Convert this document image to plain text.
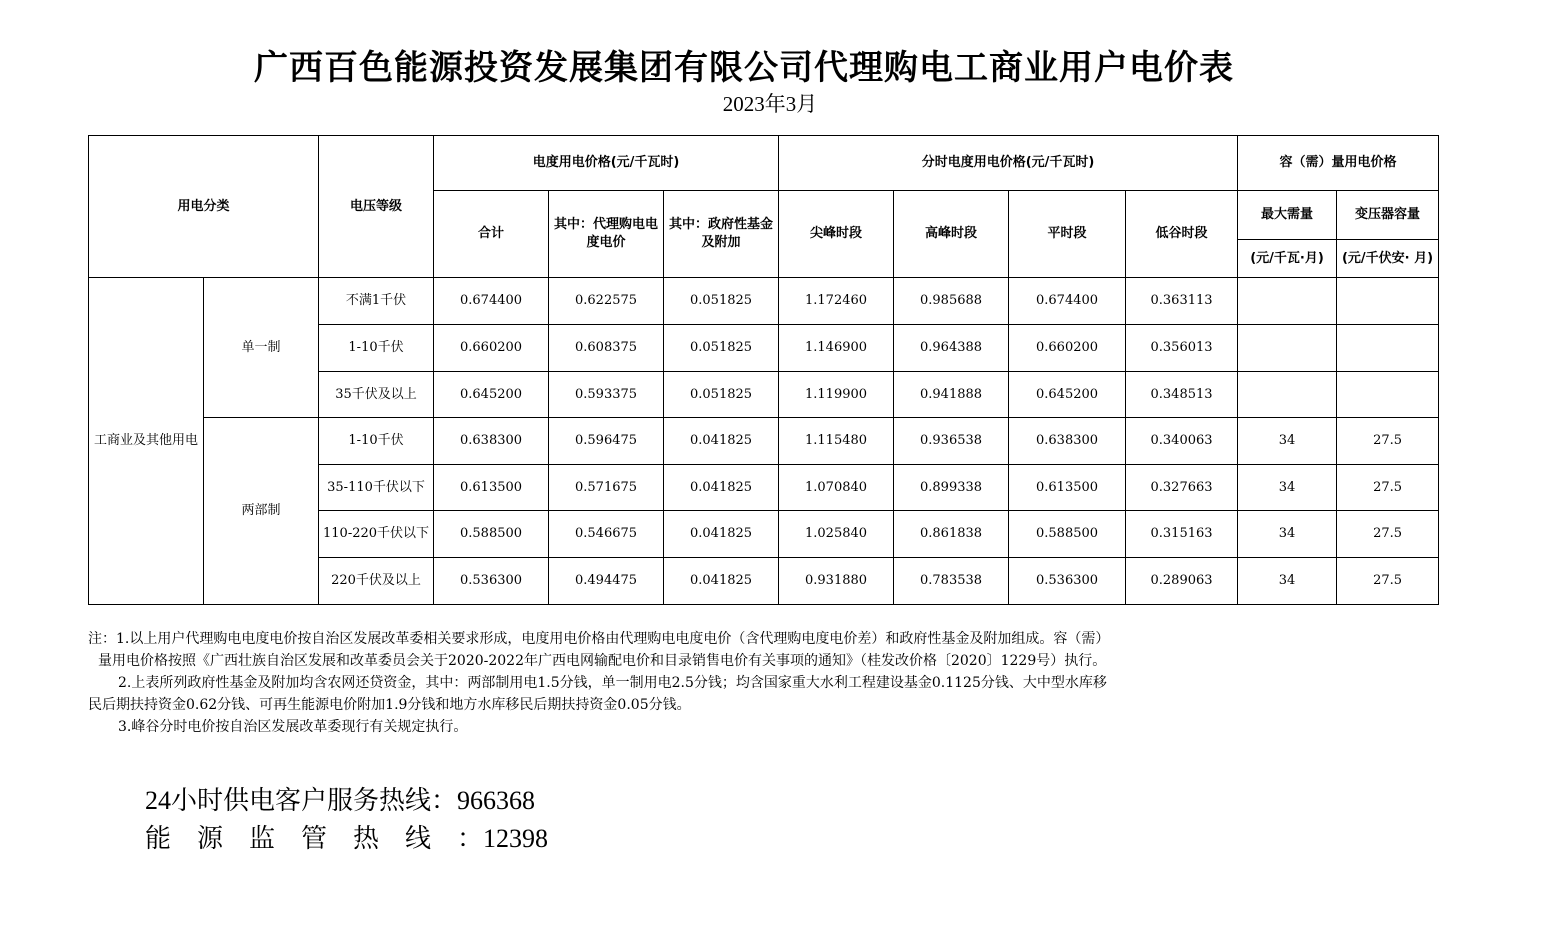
广西百色能源投资发展集团有限公司代理购电工商业用户电价表
2023年3月
用电分类		电压等级	电度用电价格(元/千瓦时)			分时电度用电价格(元/千瓦时)				容（需）量用电价格	
			合计	其中：代理购电电度电价	其中：政府性基金及附加	尖峰时段	高峰时段	平时段	低谷时段	最大需量	变压器容量
										(元/千瓦·月)	(元/千伏安· 月)
工商业及其他用电	单一制	不满1千伏	0.674400	0.622575	0.051825	1.172460	0.985688	0.674400	0.363113		
		1-10千伏	0.660200	0.608375	0.051825	1.146900	0.964388	0.660200	0.356013		
		35千伏及以上	0.645200	0.593375	0.051825	1.119900	0.941888	0.645200	0.348513		
	两部制	1-10千伏	0.638300	0.596475	0.041825	1.115480	0.936538	0.638300	0.340063	34	27.5
		35-110千伏以下	0.613500	0.571675	0.041825	1.070840	0.899338	0.613500	0.327663	34	27.5
		110-220千伏以下	0.588500	0.546675	0.041825	1.025840	0.861838	0.588500	0.315163	34	27.5
		220千伏及以上	0.536300	0.494475	0.041825	0.931880	0.783538	0.536300	0.289063	34	27.5

注：1.以上用户代理购电电度电价按自治区发展改革委相关要求形成，电度用电价格由代理购电电度电价（含代理购电度电价差）和政府性基金及附加组成。容（需）

量用电价格按照《广西壮族自治区发展和改革委员会关于2020-2022年广西电网输配电价和目录销售电价有关事项的通知》（桂发改价格〔2020〕1229号）执行。

2.上表所列政府性基金及附加均含农网还贷资金，其中：两部制用电1.5分钱，单一制用电2.5分钱；均含国家重大水利工程建设基金0.1125分钱、大中型水库移

民后期扶持资金0.62分钱、可再生能源电价附加1.9分钱和地方水库移民后期扶持资金0.05分钱。

3.峰谷分时电价按自治区发展改革委现行有关规定执行。

24小时供电客户服务热线：966368
能源监管热线：12398
